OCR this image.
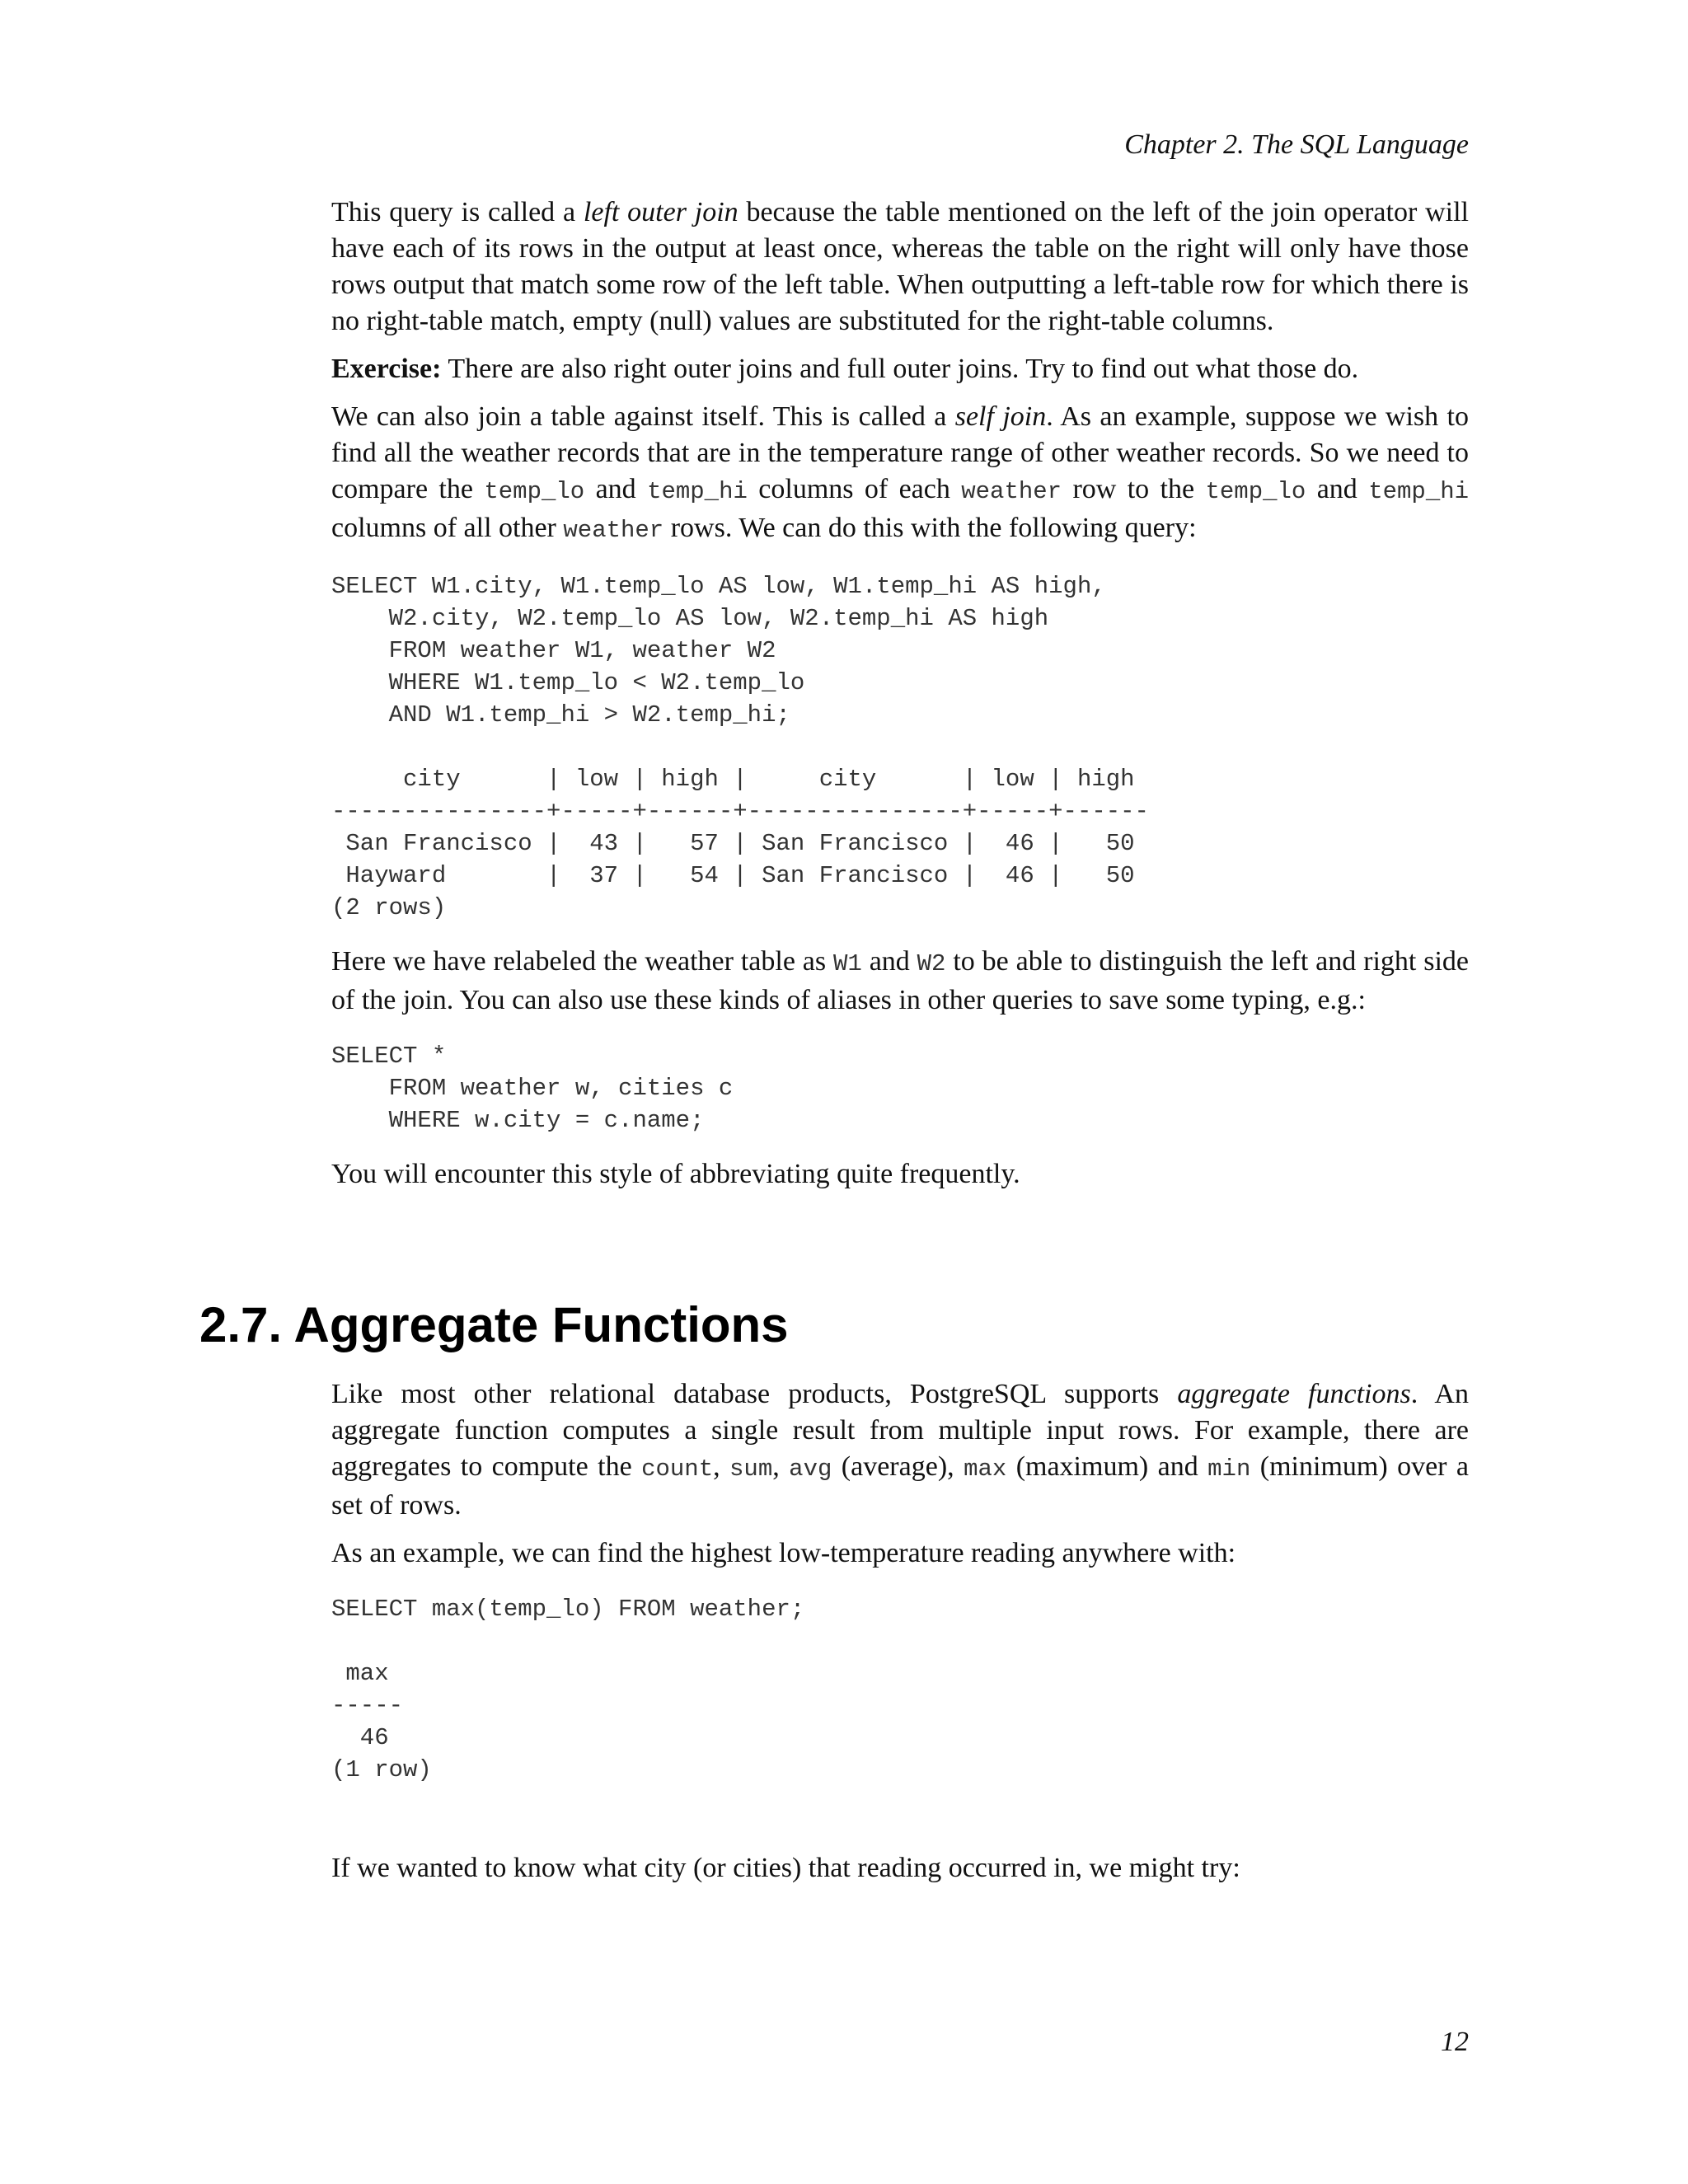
Chapter 2. The SQL Language

This query is called a left outer join because the table mentioned on the left of the join operator will have each of its rows in the output at least once, whereas the table on the right will only have those rows output that match some row of the left table. When outputting a left-table row for which there is no right-table match, empty (null) values are substituted for the right-table columns.

Exercise: There are also right outer joins and full outer joins. Try to find out what those do.

We can also join a table against itself. This is called a self join. As an example, suppose we wish to find all the weather records that are in the temperature range of other weather records. So we need to compare the temp_lo and temp_hi columns of each weather row to the temp_lo and temp_hi columns of all other weather rows. We can do this with the following query:

SELECT W1.city, W1.temp_lo AS low, W1.temp_hi AS high,
W2.city, W2.temp_lo AS low, W2.temp_hi AS high
FROM weather W1, weather W2
WHERE W1.temp_lo < W2.temp_lo
AND W1.temp_hi > W2.temp_hi;
city      | low | high |     city      | low | high
---------------+-----+------+---------------+-----+------
San Francisco |  43 |   57 | San Francisco |  46 |   50
Hayward       |  37 |   54 | San Francisco |  46 |   50
(2 rows)

Here we have relabeled the weather table as W1 and W2 to be able to distinguish the left and right side of the join. You can also use these kinds of aliases in other queries to save some typing, e.g.:

SELECT *
FROM weather w, cities c
WHERE w.city = c.name;

You will encounter this style of abbreviating quite frequently.

2.7. Aggregate Functions

Like most other relational database products, PostgreSQL supports aggregate functions. An aggregate function computes a single result from multiple input rows. For example, there are aggregates to compute the count, sum, avg (average), max (maximum) and min (minimum) over a set of rows.

As an example, we can find the highest low-temperature reading anywhere with:

SELECT max(temp_lo) FROM weather;
max
-----
46
(1 row)

If we wanted to know what city (or cities) that reading occurred in, we might try:

12
